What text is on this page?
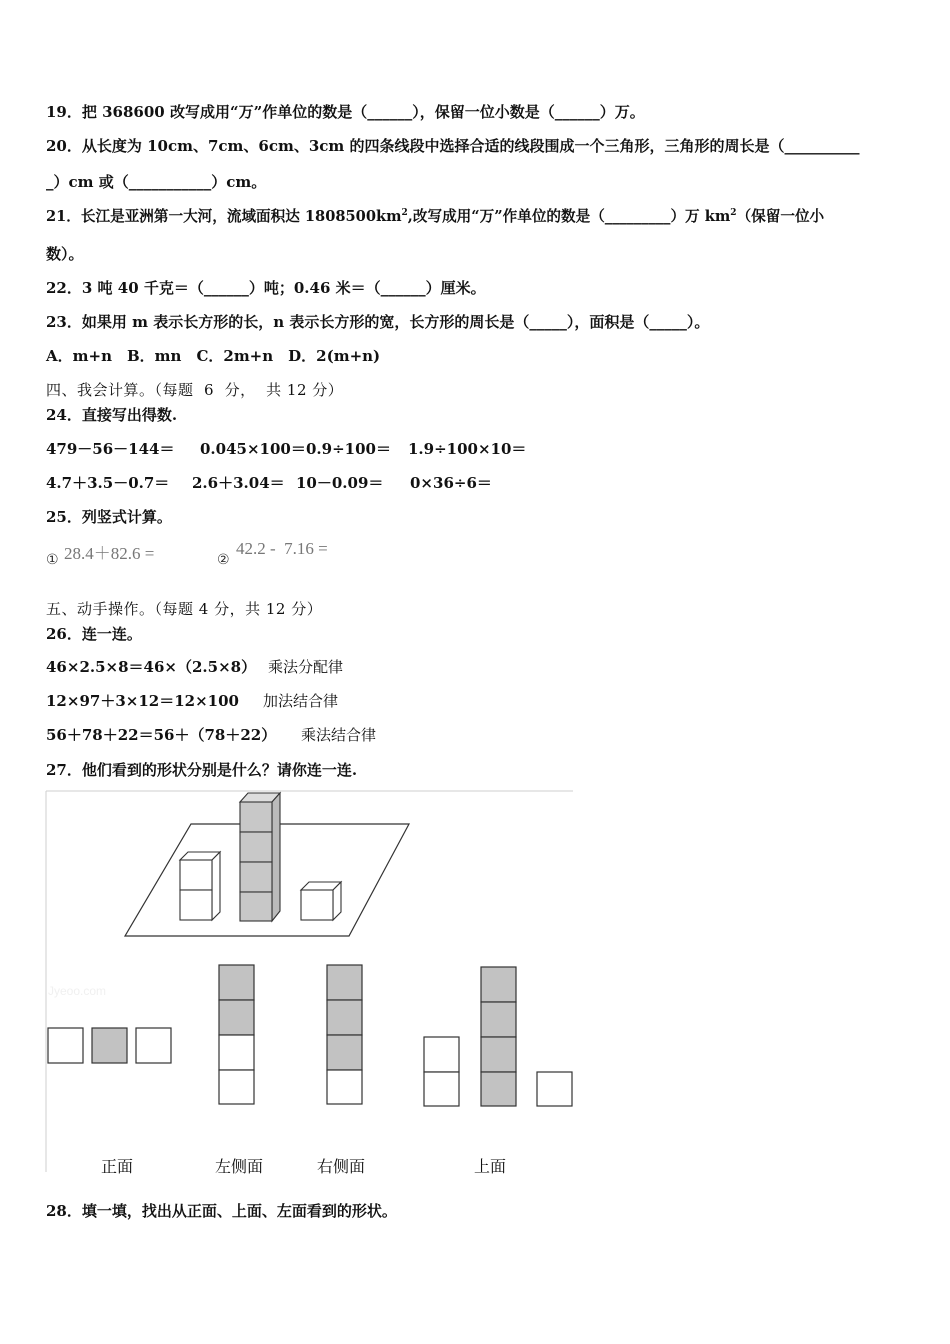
19．把 368600 改写成用“万”作单位的数是（______），保留一位小数是（______）万。
20．从长度为 10cm、7cm、6cm、3cm 的四条线段中选择合适的线段围成一个三角形，三角形的周长是（__________
_）cm 或（___________）cm。
21．长江是亚洲第一大河，流域面积达 $1808500km^2$,改写成用“万”作单位的数是（_________）万 $km^2$（保留一位小
数）。
22．3 吨 40 千克＝（______）吨；0.46 米＝（______）厘米。
23．如果用 m 表示长方形的长，n 表示长方形的宽，长方形的周长是（_____），面积是（_____）。
A．m+n　B．mn　C．2m+n　D．2(m+n)
四、我会计算。（每题  6  分，  共 12 分）
24．直接写出得数.
479－56－144＝ 0.045×100＝ 0.9÷100＝ 1.9÷100×10＝
4.7＋3.5－0.7＝ 2.6＋3.04＝ 10－0.09＝ 0×36÷6＝
25．列竖式计算。
① 28.4＋82.6 =	②
42.2 -  7.16 =
五、动手操作。（每题 4 分，共 12 分）
26．连一连。
46×2.5×8＝46×（2.5×8） 乘法分配律
12×97＋3×12＝12×100 加法结合律
56＋78＋22＝56＋（78＋22） 乘法结合律
27．他们看到的形状分别是什么？请你连一连.
Jyeoo.com
正面	左侧面	右侧面	上面
28．填一填，找出从正面、上面、左面看到的形状。
